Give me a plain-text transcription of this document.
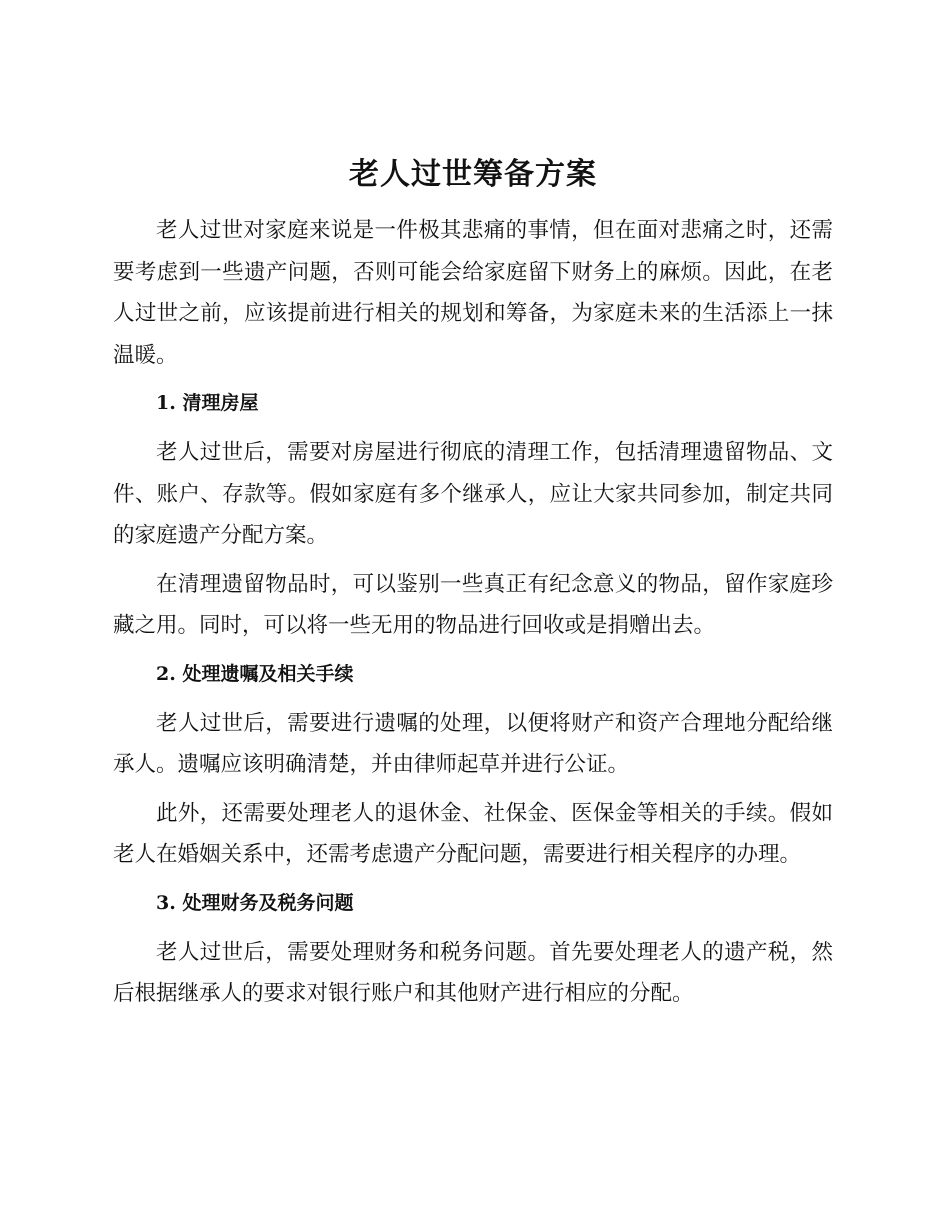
老人过世筹备方案

老人过世对家庭来说是一件极其悲痛的事情，但在面对悲痛之时，还需要考虑到一些遗产问题，否则可能会给家庭留下财务上的麻烦。因此，在老人过世之前，应该提前进行相关的规划和筹备，为家庭未来的生活添上一抹温暖。

1. 清理房屋

老人过世后，需要对房屋进行彻底的清理工作，包括清理遗留物品、文件、账户、存款等。假如家庭有多个继承人，应让大家共同参加，制定共同的家庭遗产分配方案。

在清理遗留物品时，可以鉴别一些真正有纪念意义的物品，留作家庭珍藏之用。同时，可以将一些无用的物品进行回收或是捐赠出去。

2. 处理遗嘱及相关手续

老人过世后，需要进行遗嘱的处理，以便将财产和资产合理地分配给继承人。遗嘱应该明确清楚，并由律师起草并进行公证。

此外，还需要处理老人的退休金、社保金、医保金等相关的手续。假如老人在婚姻关系中，还需考虑遗产分配问题，需要进行相关程序的办理。

3. 处理财务及税务问题

老人过世后，需要处理财务和税务问题。首先要处理老人的遗产税，然后根据继承人的要求对银行账户和其他财产进行相应的分配。
